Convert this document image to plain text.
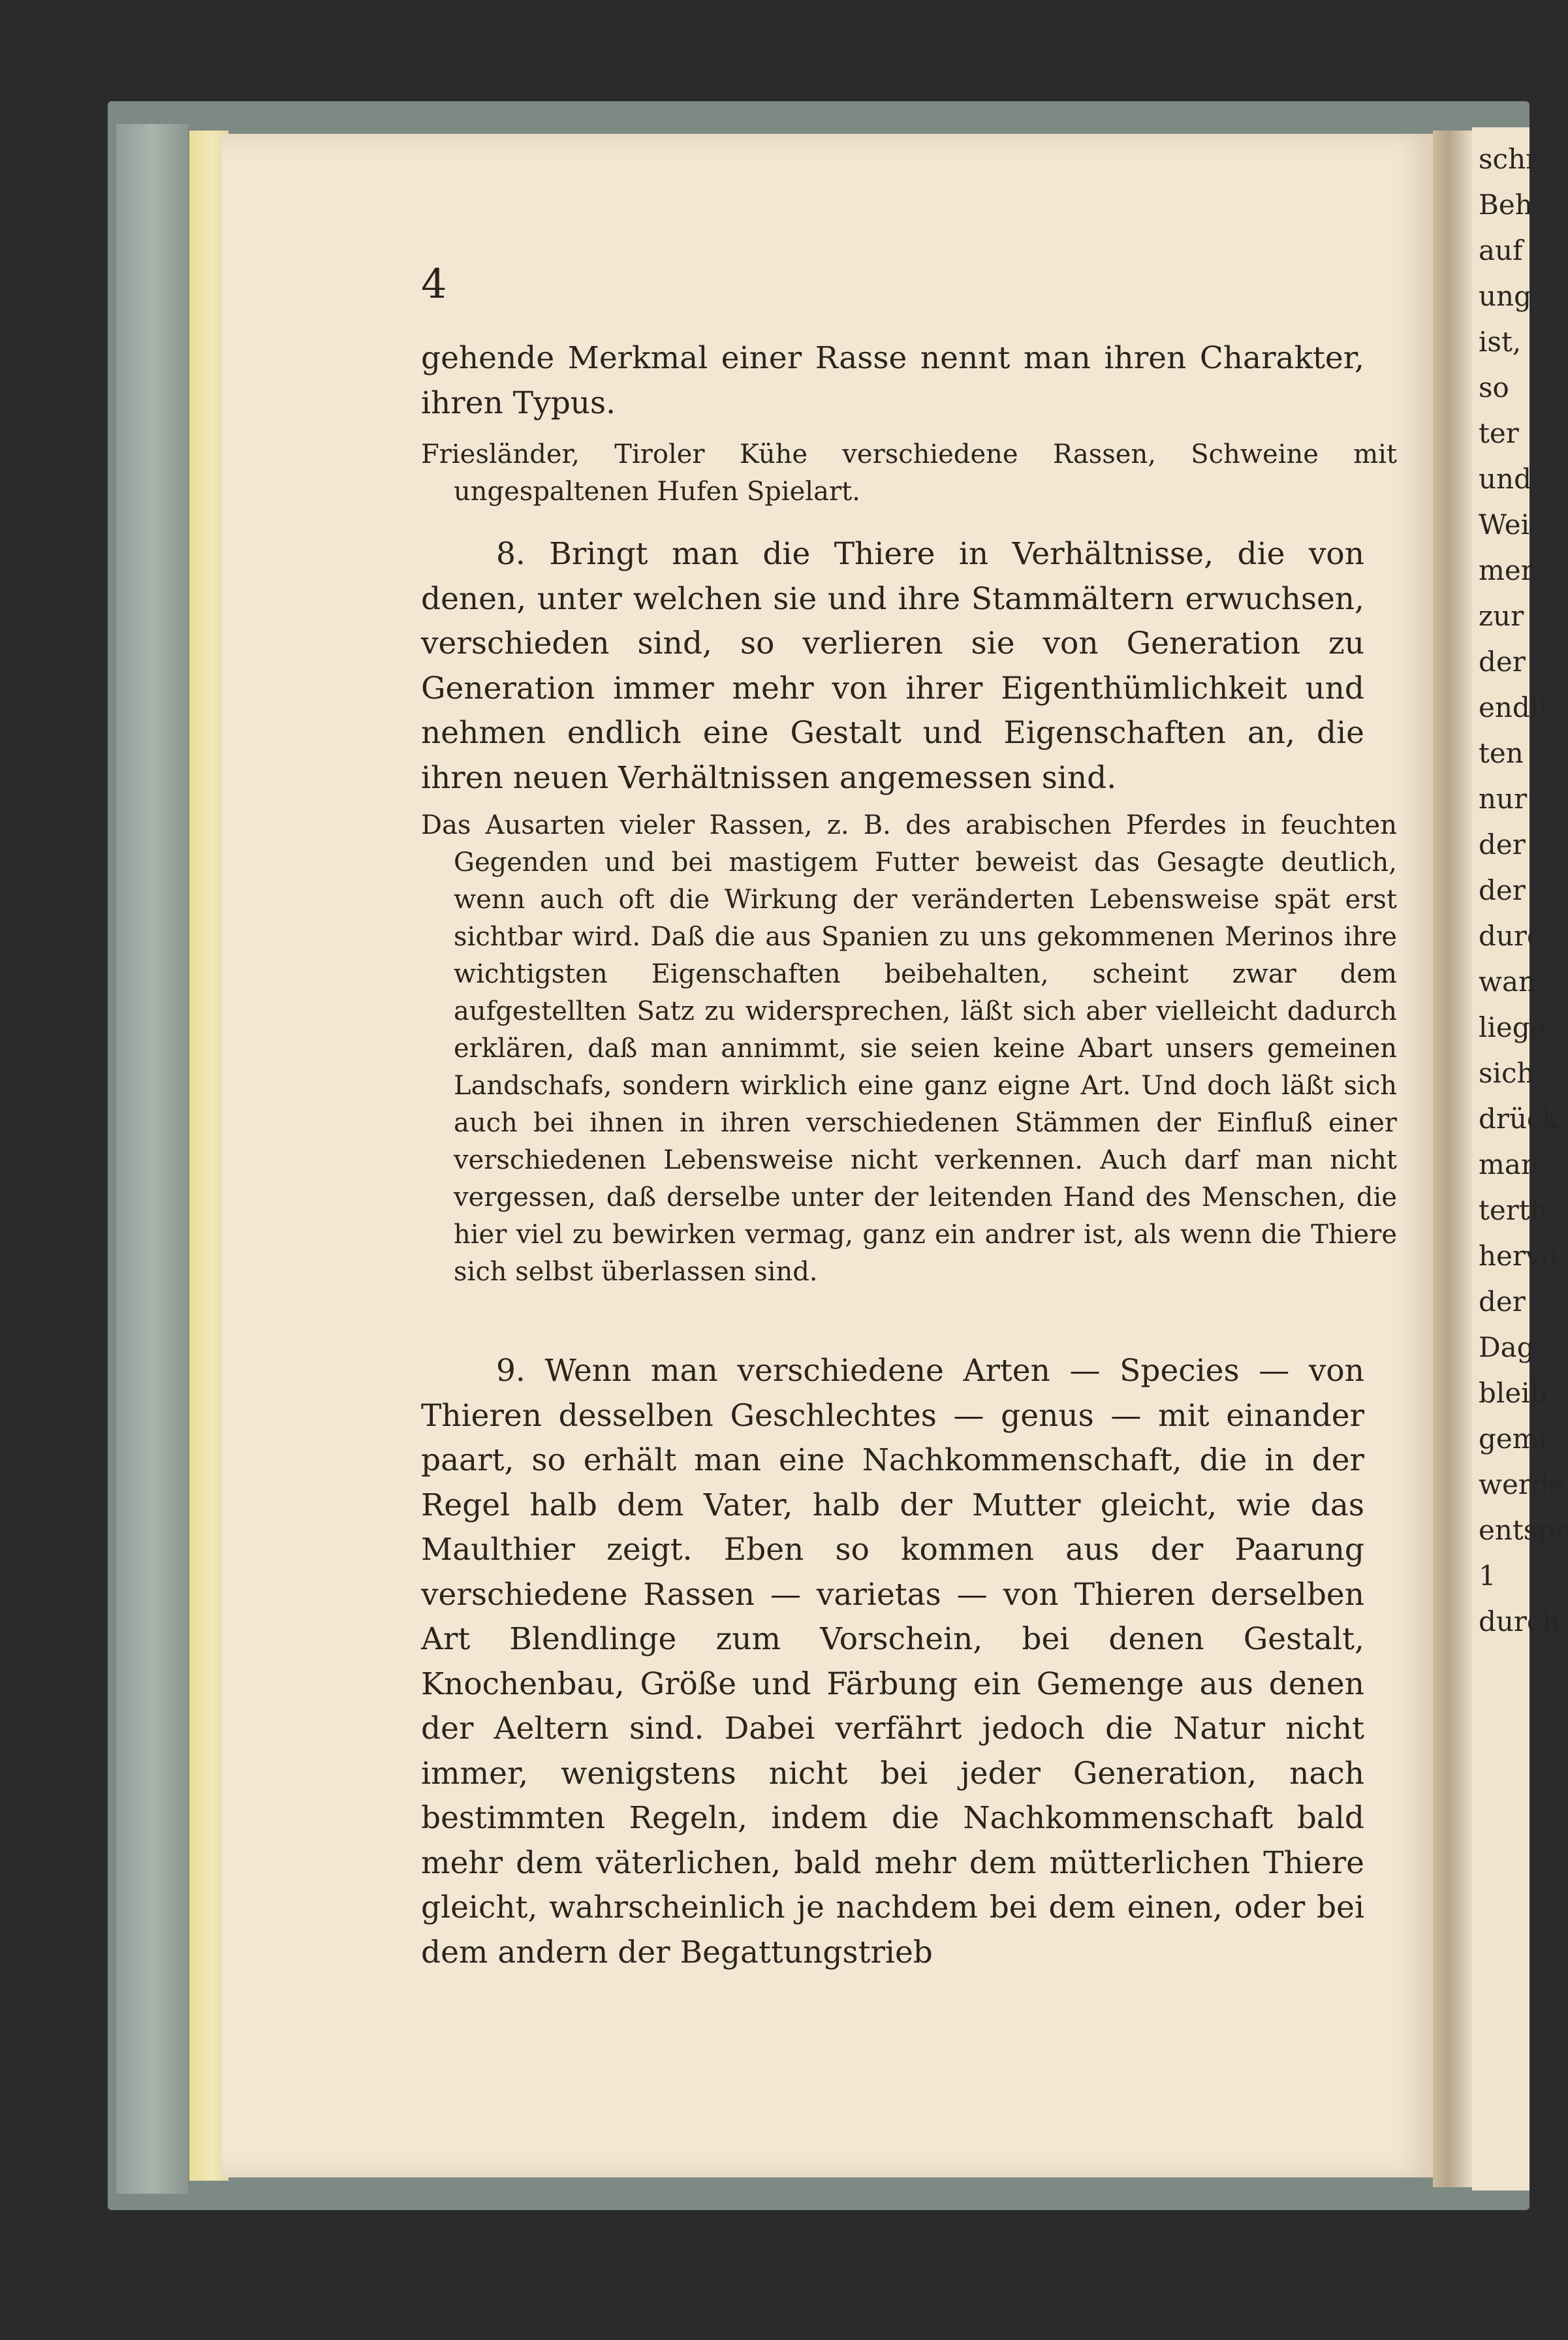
4

gehende Merkmal einer Rasse nennt man ihren Charakter, ihren Typus.

Friesländer, Tiroler Kühe verschiedene Rassen, Schweine mit ungespaltenen Hufen Spielart.

8. Bringt man die Thiere in Verhältnisse, die von denen, unter welchen sie und ihre Stammältern erwuchsen, verschieden sind, so verlieren sie von Generation zu Generation immer mehr von ihrer Eigenthümlichkeit und nehmen endlich eine Gestalt und Eigenschaften an, die ihren neuen Verhältnissen angemessen sind.

Das Ausarten vieler Rassen, z. B. des arabischen Pferdes in feuchten Gegenden und bei mastigem Futter beweist das Gesagte deutlich, wenn auch oft die Wirkung der veränderten Lebensweise spät erst sichtbar wird. Daß die aus Spanien zu uns gekommenen Merinos ihre wichtigsten Eigenschaften beibehalten, scheint zwar dem aufgestellten Satz zu widersprechen, läßt sich aber vielleicht dadurch erklären, daß man annimmt, sie seien keine Abart unsers gemeinen Landschafs, sondern wirklich eine ganz eigne Art. Und doch läßt sich auch bei ihnen in ihren verschiedenen Stämmen der Einfluß einer verschiedenen Lebensweise nicht verkennen. Auch darf man nicht vergessen, daß derselbe unter der leitenden Hand des Menschen, die hier viel zu bewirken vermag, ganz ein andrer ist, als wenn die Thiere sich selbst überlassen sind.

9. Wenn man verschiedene Arten — Species — von Thieren desselben Geschlechtes — genus — mit einander paart, so erhält man eine Nachkommenschaft, die in der Regel halb dem Vater, halb der Mutter gleicht, wie das Maulthier zeigt. Eben so kommen aus der Paarung verschiedene Rassen — varietas — von Thieren derselben Art Blendlinge zum Vorschein, bei denen Gestalt, Knochenbau, Größe und Färbung ein Gemenge aus denen der Aeltern sind. Dabei verfährt jedoch die Natur nicht immer, wenigstens nicht bei jeder Generation, nach bestimmten Regeln, indem die Nachkommenschaft bald mehr dem väterlichen, bald mehr dem mütterlichen Thiere gleicht, wahrscheinlich je nachdem bei dem einen, oder bei dem andern der Begattungstrieb

schr
Beh
auf
ung
ist,
so
ter
und
Wei
mer
zur
der
endli
ten
nur
der
der
durc
wan
liege
sich
drück
man
terth
hervo
der
Dag
bleib
gemi
werde
entspr
1
durch
